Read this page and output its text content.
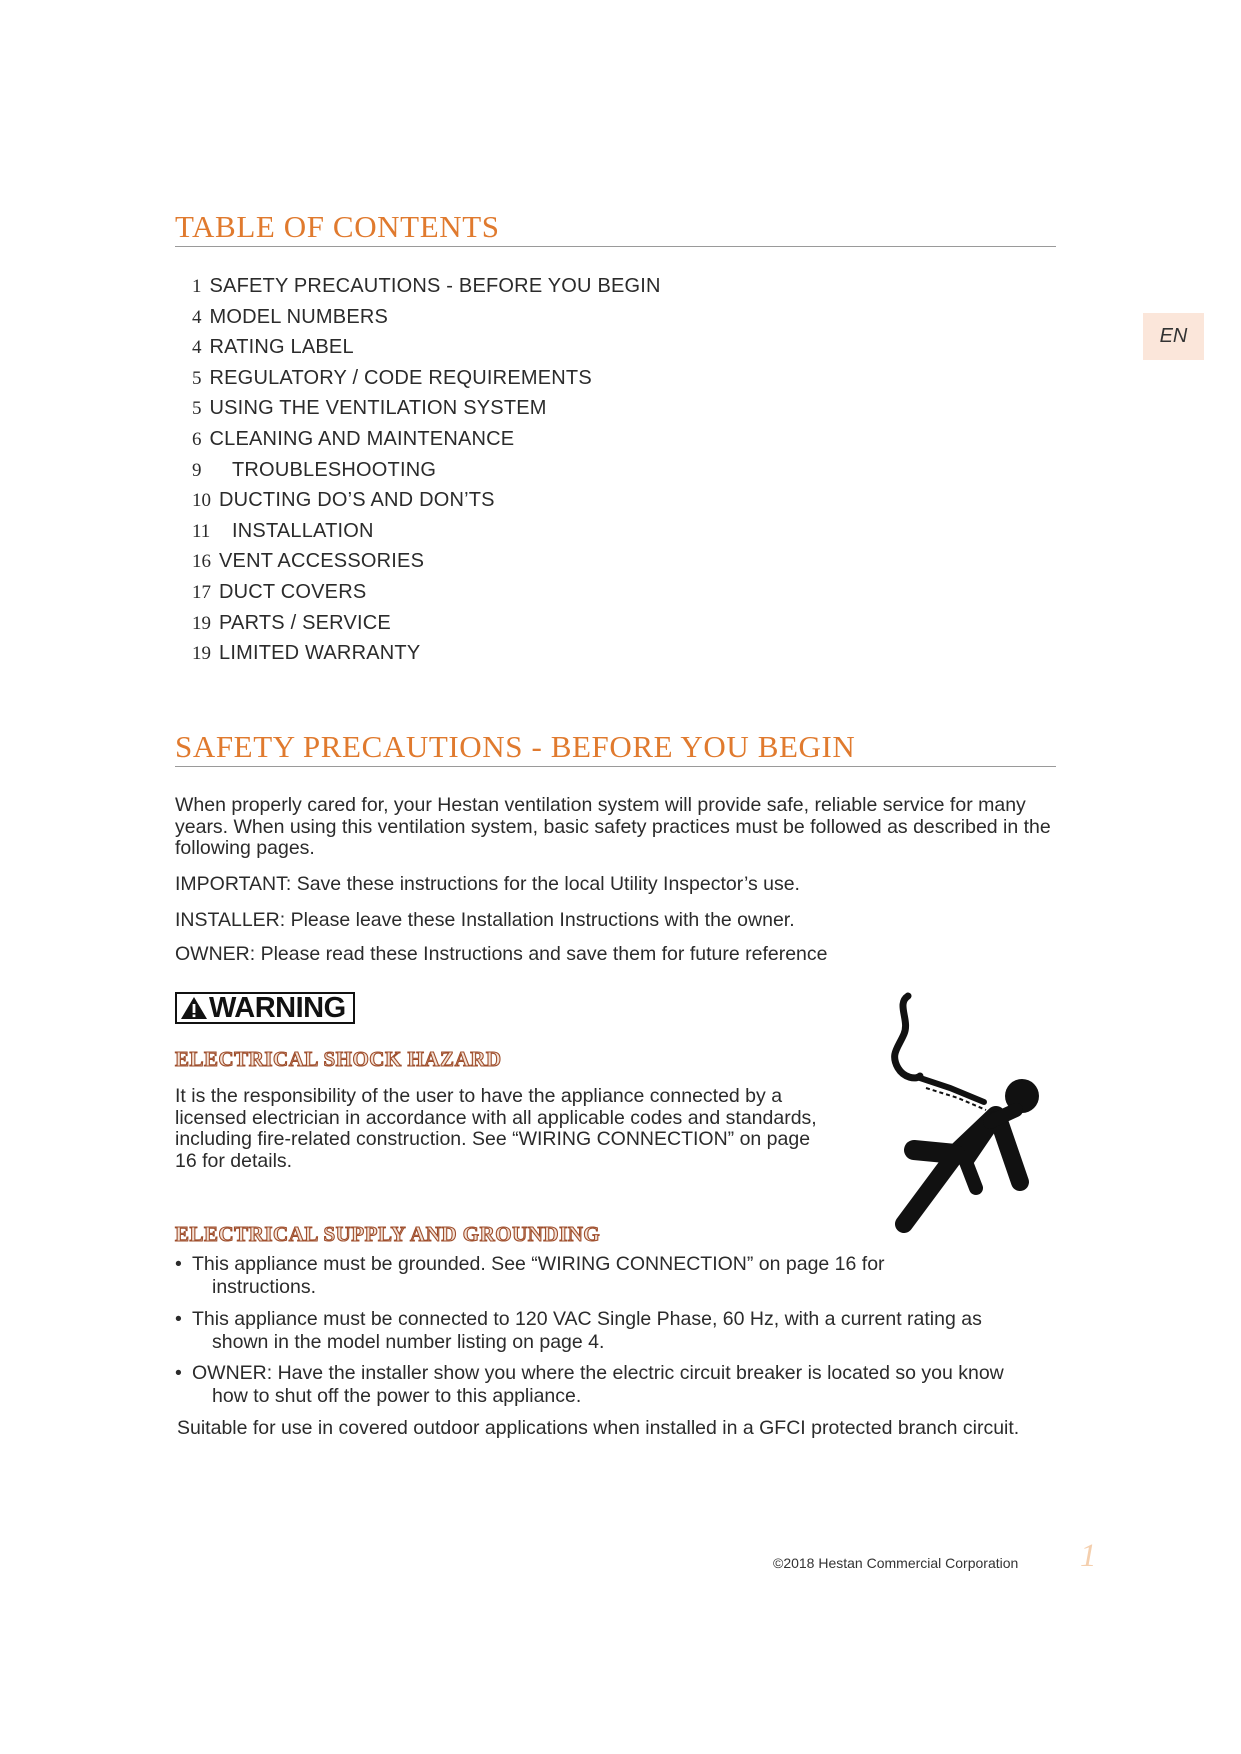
TABLE OF CONTENTS
1 SAFETY PRECAUTIONS - BEFORE YOU BEGIN
4 MODEL NUMBERS
4 RATING LABEL
5 REGULATORY / CODE REQUIREMENTS
5 USING THE VENTILATION SYSTEM
6 CLEANING AND MAINTENANCE
9 TROUBLESHOOTING
10 DUCTING DO’S AND DON’TS
11 INSTALLATION
16 VENT ACCESSORIES
17 DUCT COVERS
19 PARTS / SERVICE
19 LIMITED WARRANTY
EN
SAFETY PRECAUTIONS - BEFORE YOU BEGIN

When properly cared for, your Hestan ventilation system will provide safe, reliable service for many years. When using this ventilation system, basic safety practices must be followed as described in the following pages.

IMPORTANT: Save these instructions for the local Utility Inspector’s use.

INSTALLER: Please leave these Installation Instructions with the owner.

OWNER: Please read these Instructions and save them for future reference

WARNING
ELECTRICAL SHOCK HAZARD

It is the responsibility of the user to have the appliance connected by a licensed electrician in accordance with all applicable codes and standards, including fire-related construction. See “WIRING CONNECTION” on page 16 for details.

ELECTRICAL SUPPLY AND GROUNDING
• This appliance must be grounded. See “WIRING CONNECTION” on page 16 for
instructions.
• This appliance must be connected to 120 VAC Single Phase, 60 Hz, with a current rating as
shown in the model number listing on page 4.
• OWNER: Have the installer show you where the electric circuit breaker is located so you know
how to shut off the power to this appliance.

Suitable for use in covered outdoor applications when installed in a GFCI protected branch circuit.

©2018 Hestan Commercial Corporation 1
